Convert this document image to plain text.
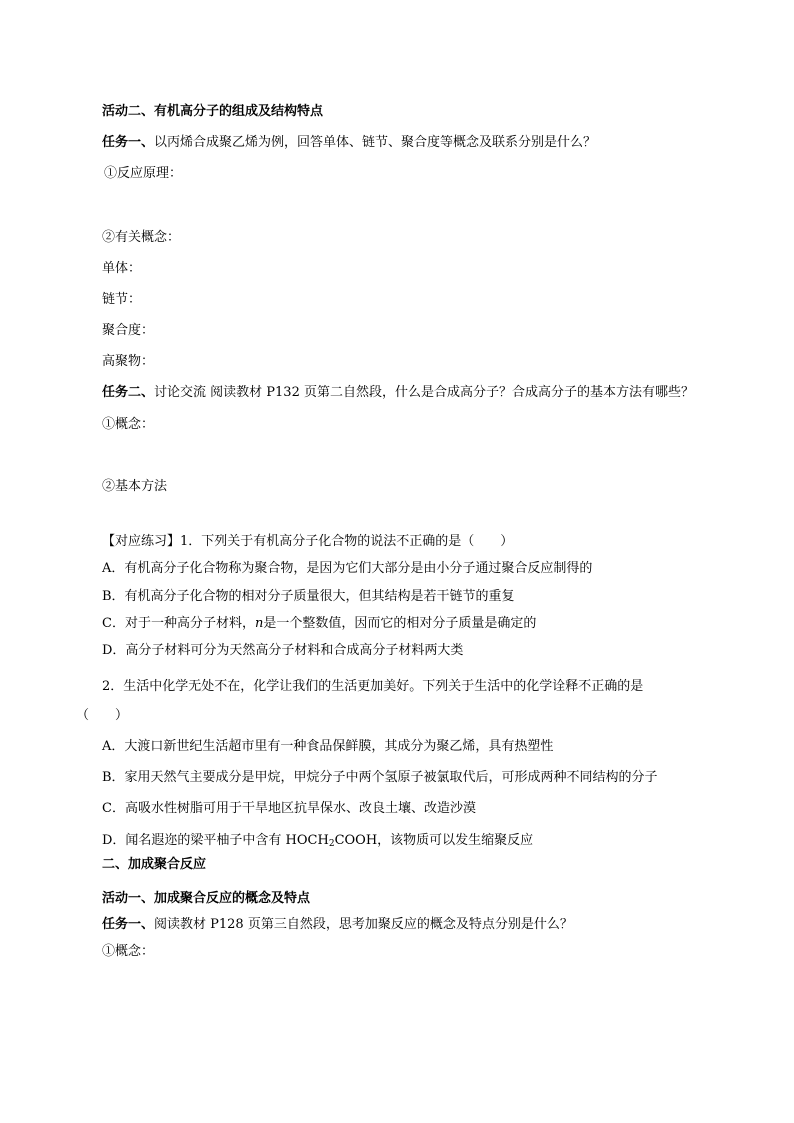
活动二、有机高分子的组成及结构特点
任务一、以丙烯合成聚乙烯为例，回答单体、链节、聚合度等概念及联系分别是什么？
①反应原理：
②有关概念：
单体：
链节：
聚合度：
高聚物：
任务二、讨论交流 阅读教材 P132 页第二自然段，什么是合成高分子？合成高分子的基本方法有哪些？
①概念：
②基本方法
【对应练习】1．下列关于有机高分子化合物的说法不正确的是（　　）
A．有机高分子化合物称为聚合物，是因为它们大部分是由小分子通过聚合反应制得的
B．有机高分子化合物的相对分子质量很大，但其结构是若干链节的重复
C．对于一种高分子材料，n是一个整数值，因而它的相对分子质量是确定的
D．高分子材料可分为天然高分子材料和合成高分子材料两大类
2．生活中化学无处不在，化学让我们的生活更加美好。下列关于生活中的化学诠释不正确的是
（　　）
A．大渡口新世纪生活超市里有一种食品保鲜膜，其成分为聚乙烯，具有热塑性
B．家用天然气主要成分是甲烷，甲烷分子中两个氢原子被氯取代后，可形成两种不同结构的分子
C．高吸水性树脂可用于干旱地区抗旱保水、改良土壤、改造沙漠
D．闻名遐迩的梁平柚子中含有 $HOCH_2COOH$，该物质可以发生缩聚反应
二、加成聚合反应
活动一、加成聚合反应的概念及特点
任务一、阅读教材 P128 页第三自然段，思考加聚反应的概念及特点分别是什么？
①概念：
